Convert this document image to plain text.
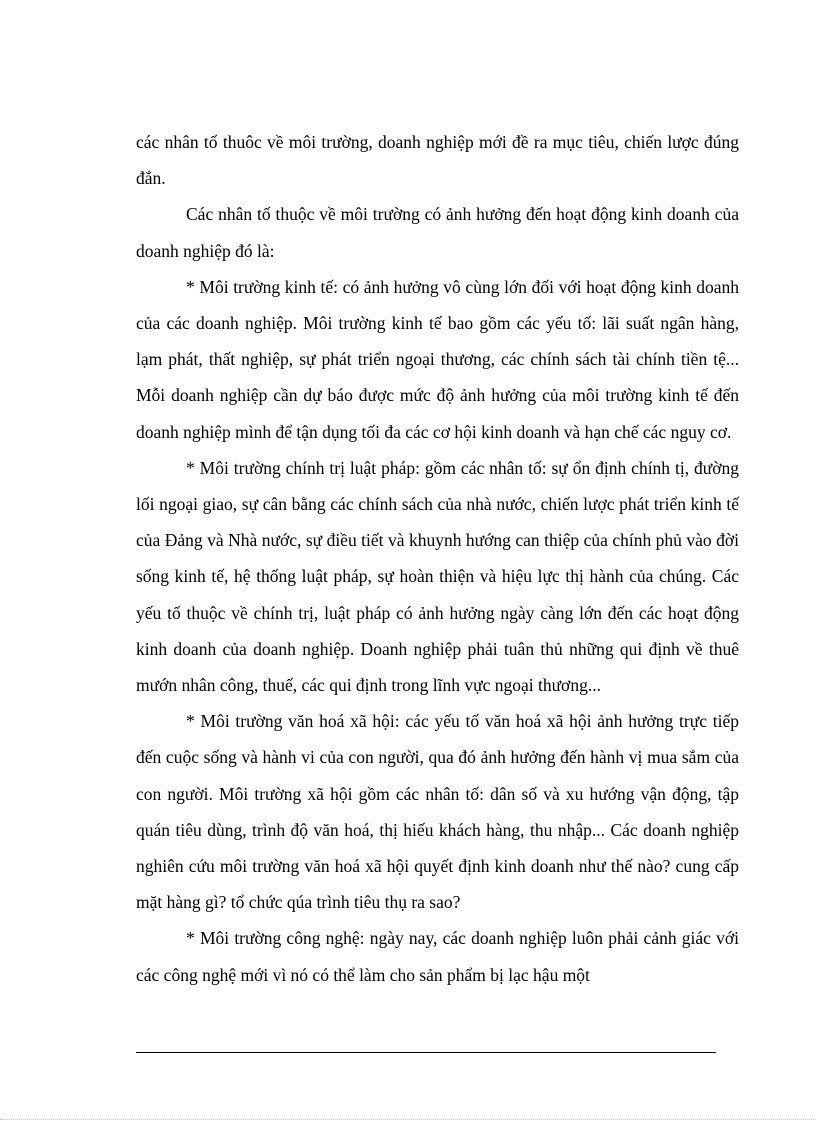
các nhân tố thuôc về môi trường, doanh nghiệp mới đề ra mục tiêu, chiến lược đúng đắn.

Các nhân tố thuộc về môi trường có ảnh hưởng đến hoạt động kinh doanh của doanh nghiệp đó là:

* Môi trường kinh tế: có ảnh hưởng vô cùng lớn đối với hoạt động kinh doanh của các doanh nghiệp. Môi trường kinh tế bao gồm các yếu tố: lãi suất ngân hàng, lạm phát, thất nghiệp, sự phát triển ngoại thương, các chính sách tài chính tiền tệ... Mỗi doanh nghiệp cần dự báo được mức độ ảnh hưởng của môi trường kinh tế đến doanh nghiệp mình để tận dụng tối đa các cơ hội kinh doanh và hạn chế các nguy cơ.

* Môi trường chính trị luật pháp: gồm các nhân tố: sự ổn định chính tị, đường lối ngoại giao, sự cân bằng các chính sách của nhà nước, chiến lược phát triển kinh tế của Đảng và Nhà nước, sự điều tiết và khuynh hướng can thiệp của chính phủ vào đời sống kinh tế, hệ thống luật pháp, sự hoàn thiện và hiệu lực thị hành của chúng. Các yếu tố thuộc về chính trị, luật pháp có ảnh hưởng ngày càng lớn đến các hoạt động kinh doanh của doanh nghiệp. Doanh nghiệp phải tuân thủ những qui định về thuê mướn nhân công, thuế, các qui định trong lĩnh vực ngoại thương...

* Môi trường văn hoá xã hội: các yếu tố văn hoá xã hội ảnh hưởng trực tiếp đến cuộc sống và hành vi của con người, qua đó ảnh hưởng đến hành vị mua sắm của con người. Môi trường xã hội gồm các nhân tố: dân số và xu hướng vận động, tập quán tiêu dùng, trình độ văn hoá, thị hiếu khách hàng, thu nhập... Các doanh nghiệp nghiên cứu môi trường văn hoá xã hội quyết định kinh doanh như thế nào? cung cấp mặt hàng gì? tổ chức qúa trình tiêu thụ ra sao?

* Môi trường công nghệ: ngày nay, các doanh nghiệp luôn phải cảnh giác với các công nghệ mới vì nó có thể làm cho sản phẩm bị lạc hậu một
